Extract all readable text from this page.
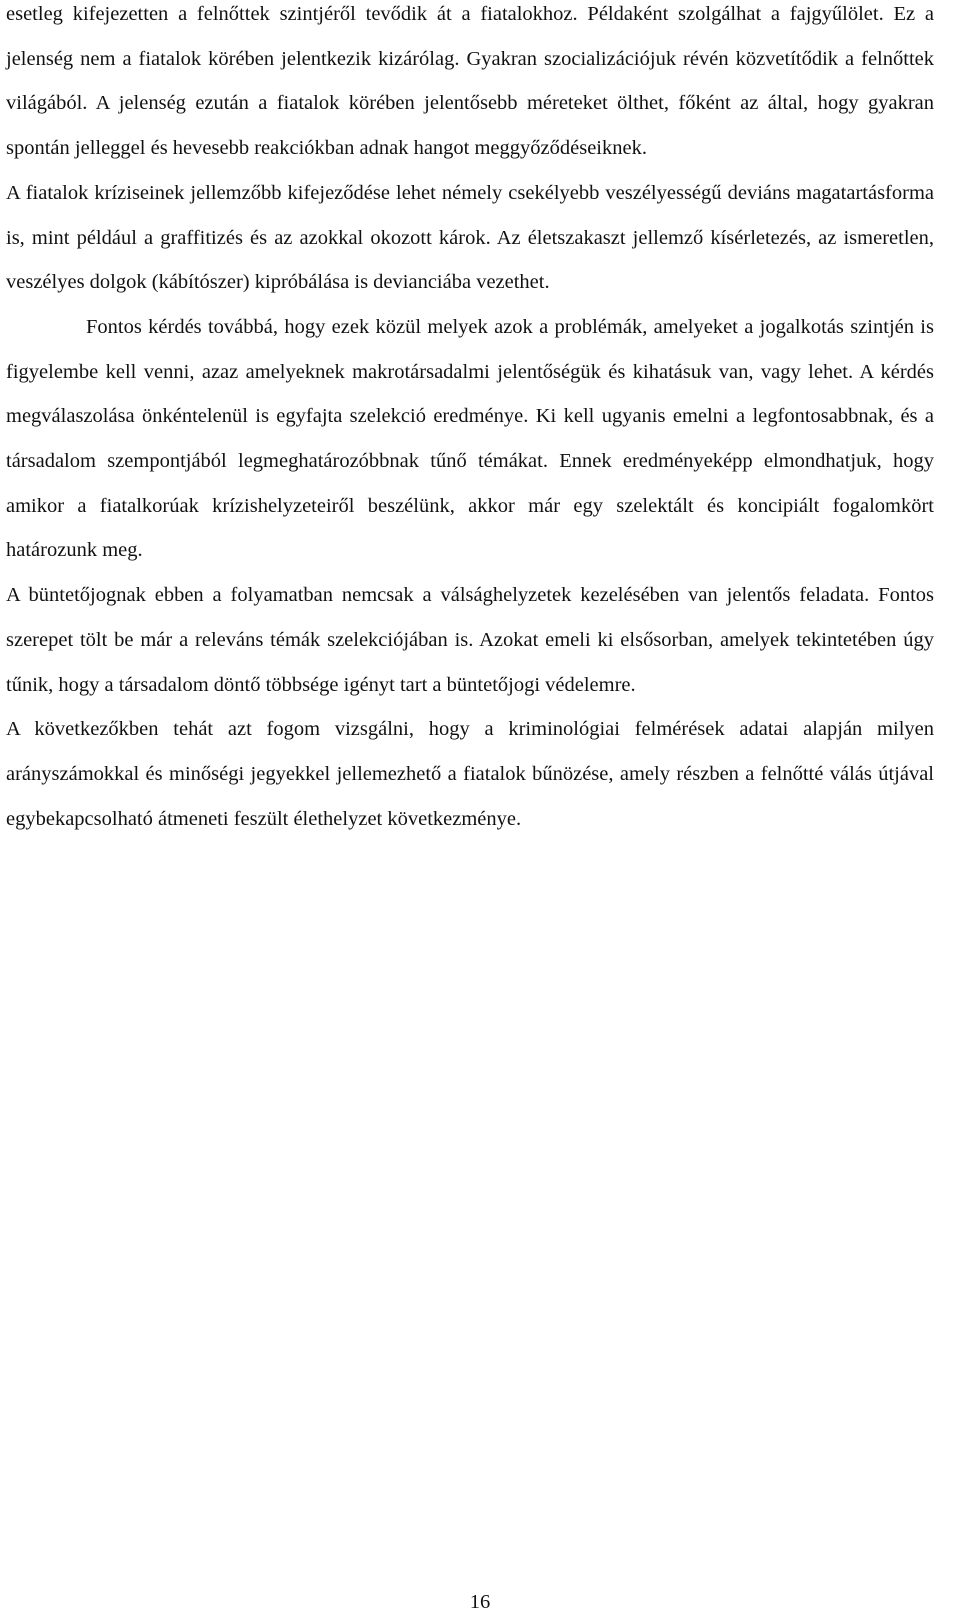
esetleg kifejezetten a felnőttek szintjéről tevődik át a fiatalokhoz. Példaként szolgálhat a fajgyűlölet. Ez a jelenség nem a fiatalok körében jelentkezik kizárólag. Gyakran szocializációjuk révén közvetítődik a felnőttek világából. A jelenség ezután a fiatalok körében jelentősebb méreteket ölthet, főként az által, hogy gyakran spontán jelleggel és hevesebb reakciókban adnak hangot meggyőződéseiknek.

A fiatalok kríziseinek jellemzőbb kifejeződése lehet némely csekélyebb veszélyességű deviáns magatartásforma is, mint például a graffitizés és az azokkal okozott károk. Az életszakaszt jellemző kísérletezés, az ismeretlen, veszélyes dolgok (kábítószer) kipróbálása is devianciába vezethet.

Fontos kérdés továbbá, hogy ezek közül melyek azok a problémák, amelyeket a jogalkotás szintjén is figyelembe kell venni, azaz amelyeknek makrotársadalmi jelentőségük és kihatásuk van, vagy lehet. A kérdés megválaszolása önkéntelenül is egyfajta szelekció eredménye. Ki kell ugyanis emelni a legfontosabbnak, és a társadalom szempontjából legmeghatározóbbnak tűnő témákat. Ennek eredményeképp elmondhatjuk, hogy amikor a fiatalkorúak krízishelyzeteiről beszélünk, akkor már egy szelektált és koncipiált fogalomkört határozunk meg.

A büntetőjognak ebben a folyamatban nemcsak a válsághelyzetek kezelésében van jelentős feladata. Fontos szerepet tölt be már a releváns témák szelekciójában is. Azokat emeli ki elsősorban, amelyek tekintetében úgy tűnik, hogy a társadalom döntő többsége igényt tart a büntetőjogi védelemre.

A következőkben tehát azt fogom vizsgálni, hogy a kriminológiai felmérések adatai alapján milyen arányszámokkal és minőségi jegyekkel jellemezhető a fiatalok bűnözése, amely részben a felnőtté válás útjával egybekapcsolható átmeneti feszült élethelyzet következménye.

16
